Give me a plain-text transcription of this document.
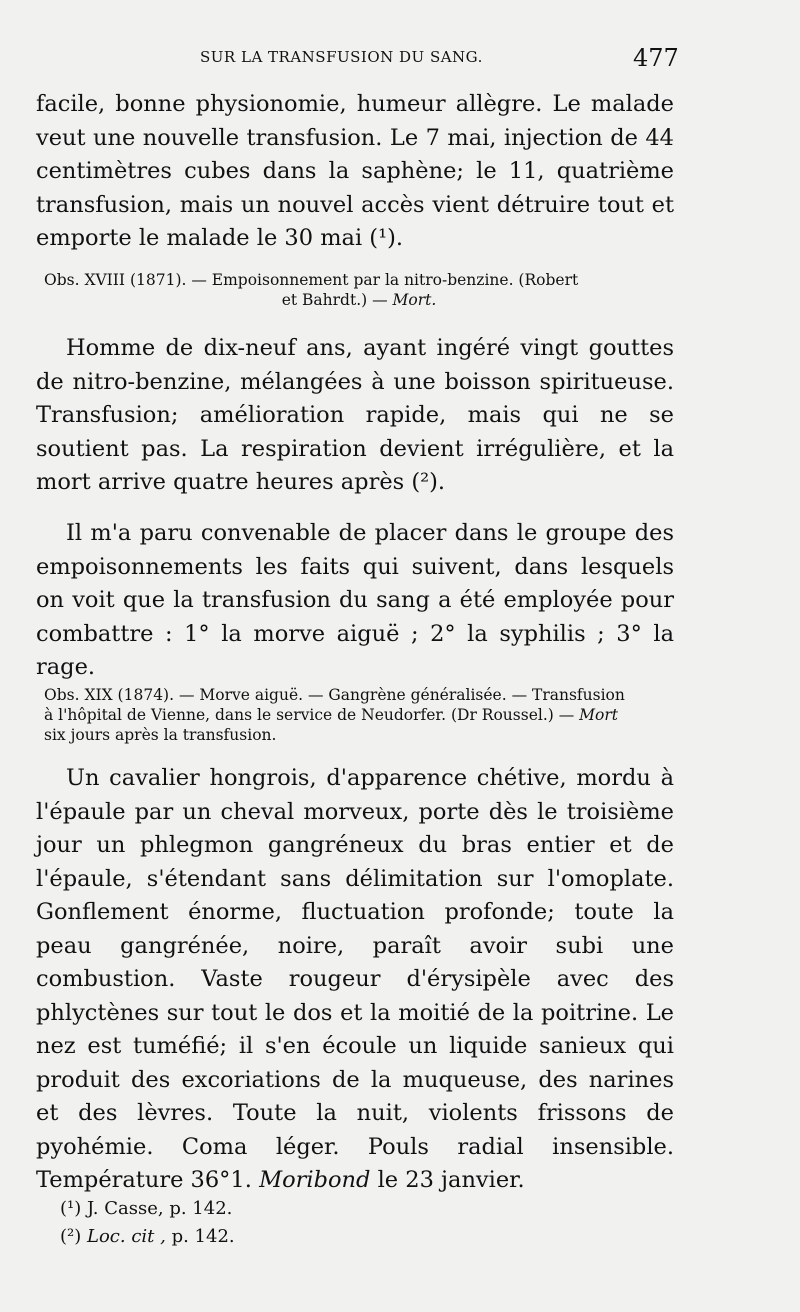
SUR LA TRANSFUSION DU SANG.	477
facile, bonne physionomie, humeur allègre. Le malade veut une nouvelle transfusion. Le 7 mai, injection de 44 centimètres cubes dans la saphène; le 11, quatrième transfusion, mais un nouvel accès vient détruire tout et emporte le malade le 30 mai (¹).
Obs. XVIII (1871). — Empoisonnement par la nitro-benzine. (Robert
et Bahrdt.) — Mort.
Homme de dix-neuf ans, ayant ingéré vingt gouttes de nitro-benzine, mélangées à une boisson spiritueuse. Transfusion; amélioration rapide, mais qui ne se soutient pas. La respiration devient irrégulière, et la mort arrive quatre heures après (²).
Il m'a paru convenable de placer dans le groupe des empoisonnements les faits qui suivent, dans lesquels on voit que la transfusion du sang a été employée pour combattre : 1° la morve aiguë ; 2° la syphilis ; 3° la rage.
Obs. XIX (1874). — Morve aiguë. — Gangrène généralisée. — Transfusion
à l'hôpital de Vienne, dans le service de Neudorfer. (Dr Roussel.) — Mort
six jours après la transfusion.
Un cavalier hongrois, d'apparence chétive, mordu à l'épaule par un cheval morveux, porte dès le troisième jour un phlegmon gangréneux du bras entier et de l'épaule, s'étendant sans délimitation sur l'omoplate. Gonflement énorme, fluctuation profonde; toute la peau gangrénée, noire, paraît avoir subi une combustion. Vaste rougeur d'érysipèle avec des phlyctènes sur tout le dos et la moitié de la poitrine. Le nez est tuméfié; il s'en écoule un liquide sanieux qui produit des excoriations de la muqueuse, des narines et des lèvres. Toute la nuit, violents frissons de pyohémie. Coma léger. Pouls radial insensible. Température 36°1. Moribond le 23 janvier.
(¹) J. Casse, p. 142.
(²) Loc. cit , p. 142.
